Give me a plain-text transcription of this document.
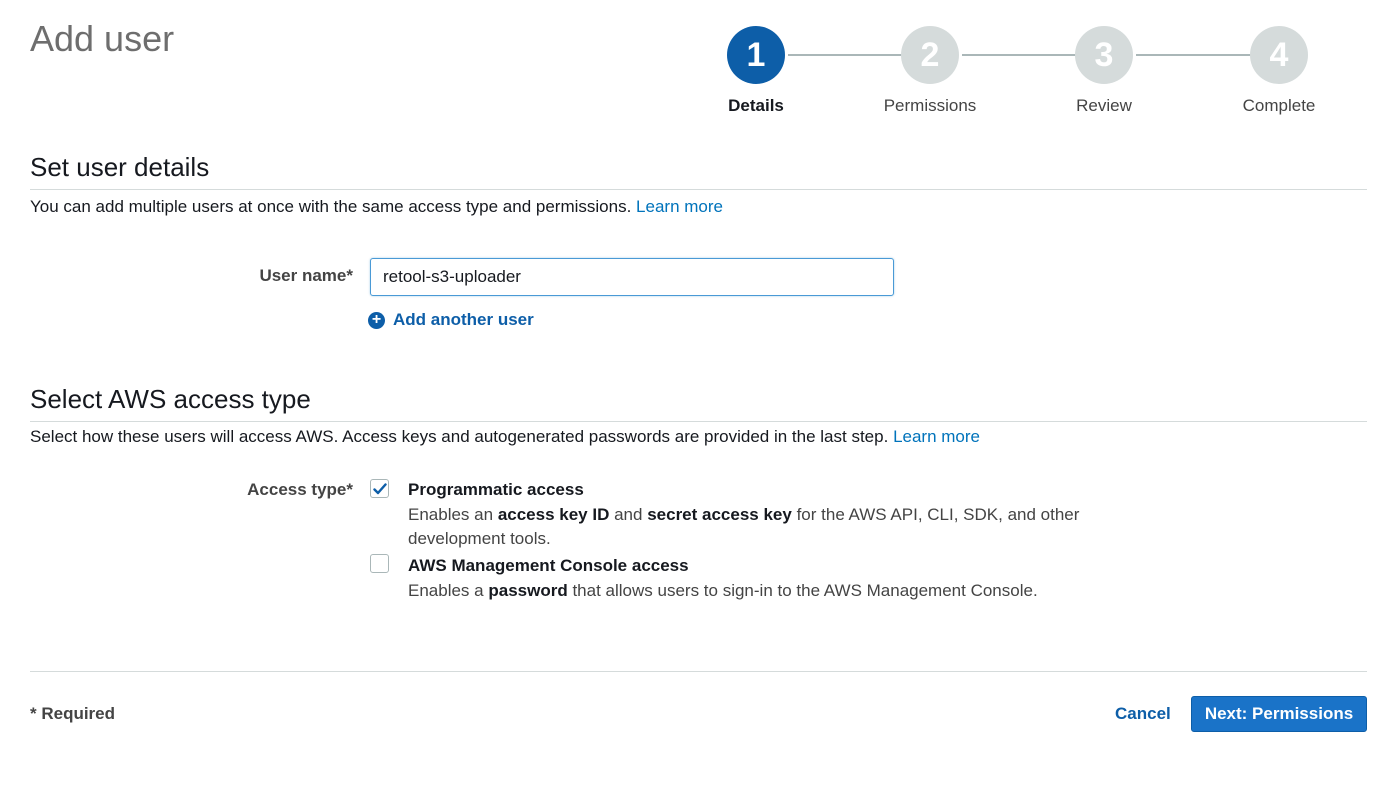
Add user	1
Details
2
Permissions
3
Review
4
Complete
Set user details
You can add multiple users at once with the same access type and permissions. Learn more
User name*
retool-s3-uploader
+ Add another user
Select AWS access type
Select how these users will access AWS. Access keys and autogenerated passwords are provided in the last step. Learn more
Access type*	Programmatic access
Enables an access key ID and secret access key for the AWS API, CLI, SDK, and other development tools.
AWS Management Console access
Enables a password that allows users to sign-in to the AWS Management Console.
* Required	Cancel	Next: Permissions
